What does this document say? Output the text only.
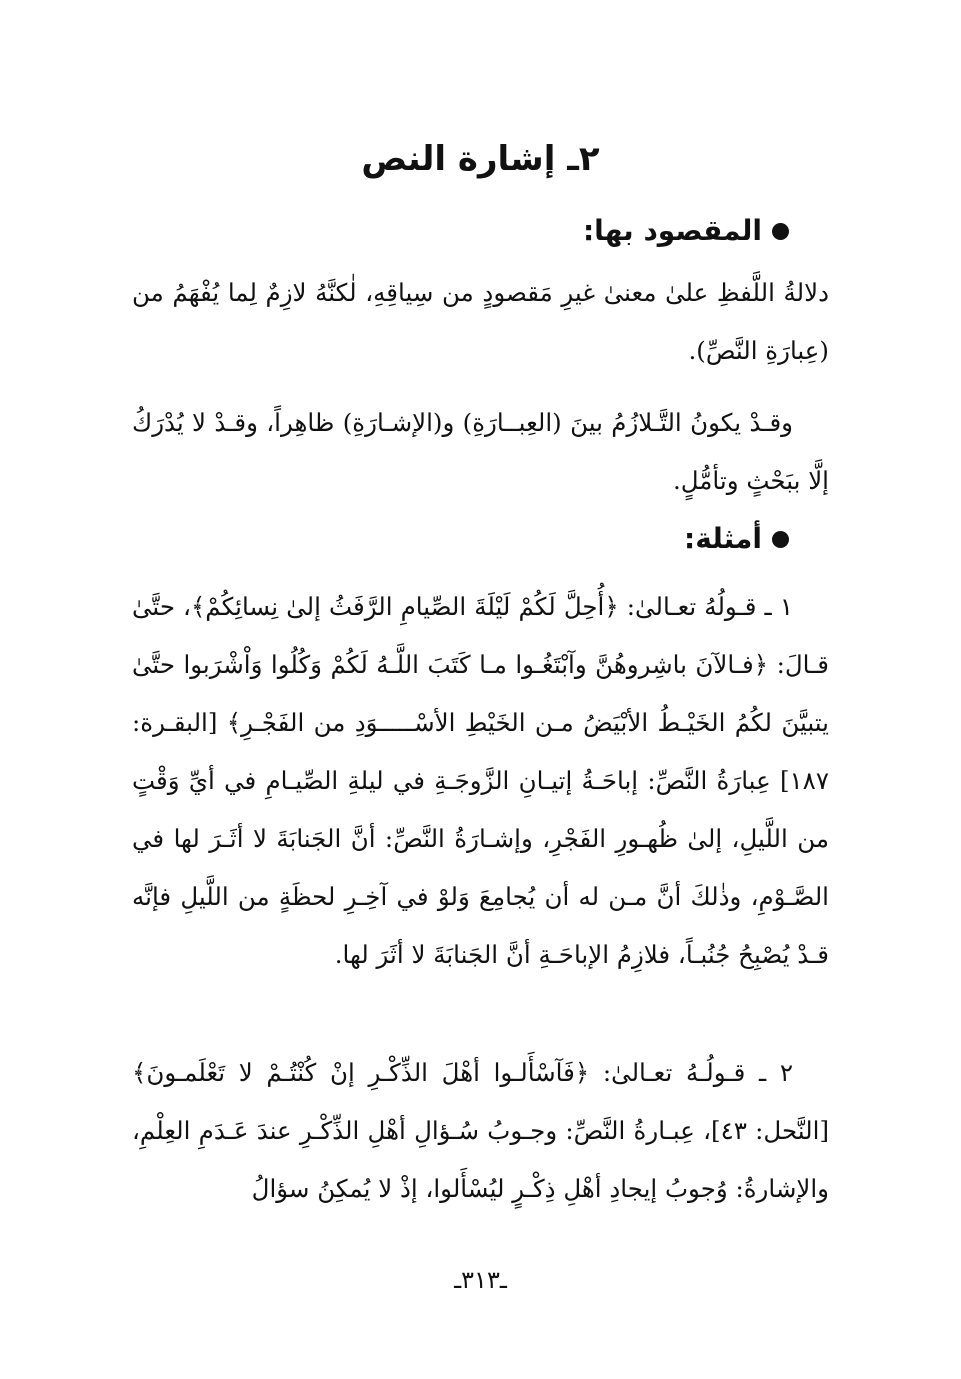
٢ـ إشارة النص
المقصود بها:

دلالةُ اللَّفظِ علىٰ معنىٰ غيرِ مَقصودٍ من سِياقِهِ، لٰكنَّهُ لازِمٌ لِما يُفْهَمُ من (عِبارَةِ النَّصِّ).

وقـدْ يكونُ التَّـلازُمُ بينَ (العِبــارَةِ) و(الإشـارَةِ) ظاهِراً، وقـدْ لا يُدْرَكُ إلَّا ببَحْثٍ وتأمُّلٍ.

أمثلة:

١ ـ قـولُهُ تعـالىٰ: ﴿أُحِلَّ لَكُمْ لَيْلَةَ الصِّيامِ الرَّفَثُ إلىٰ نِسائِكُمْ﴾، حتَّىٰ قـالَ: ﴿فـالآنَ باشِروهُنَّ وآبْتَغُـوا مـا كَتَبَ اللَّـهُ لَكُمْ وَكُلُوا وَاْشْرَبوا حتَّىٰ يتبيَّنَ لكُمُ الخَيْـطُ الأبْيَضُ مـن الخَيْطِ الأسْـــــوَدِ من الفَجْـرِ﴾ [البقـرة: ١٨٧] عِبارَةُ النَّصِّ: إباحَـةُ إتيـانِ الزَّوجَـةِ في ليلةِ الصِّيـامِ في أيِّ وَقْتٍ من اللَّيلِ، إلىٰ ظُهـورِ الفَجْرِ، وإشـارَةُ النَّصِّ: أنَّ الجَنابَةَ لا أثَـرَ لها في الصَّـوْمِ، وذٰلكَ أنَّ مـن له أن يُجامِعَ وَلوْ في آخِـرِ لحظَةٍ من اللَّيلِ فإنَّه قـدْ يُصْبِحُ جُنُبـاً، فلازِمُ الإباحَـةِ أنَّ الجَنابَةَ لا أثَرَ لها.

٢ ـ قـولُـهُ تعـالىٰ: ﴿فَآسْأَلـوا أهْلَ الذِّكْـرِ إنْ كُنْتُـمْ لا تَعْلَمـونَ﴾ [النَّحل: ٤٣]، عِبـارةُ النَّصِّ: وجـوبُ سُـؤالِ أهْلِ الذِّكْـرِ عندَ عَـدَمِ العِلْمِ، والإشارةُ: وُجوبُ إيجادِ أهْلِ ذِكْـرٍ ليُسْأَلوا، إذْ لا يُمكِنُ سؤالُ

ـ٣١٣ـ
